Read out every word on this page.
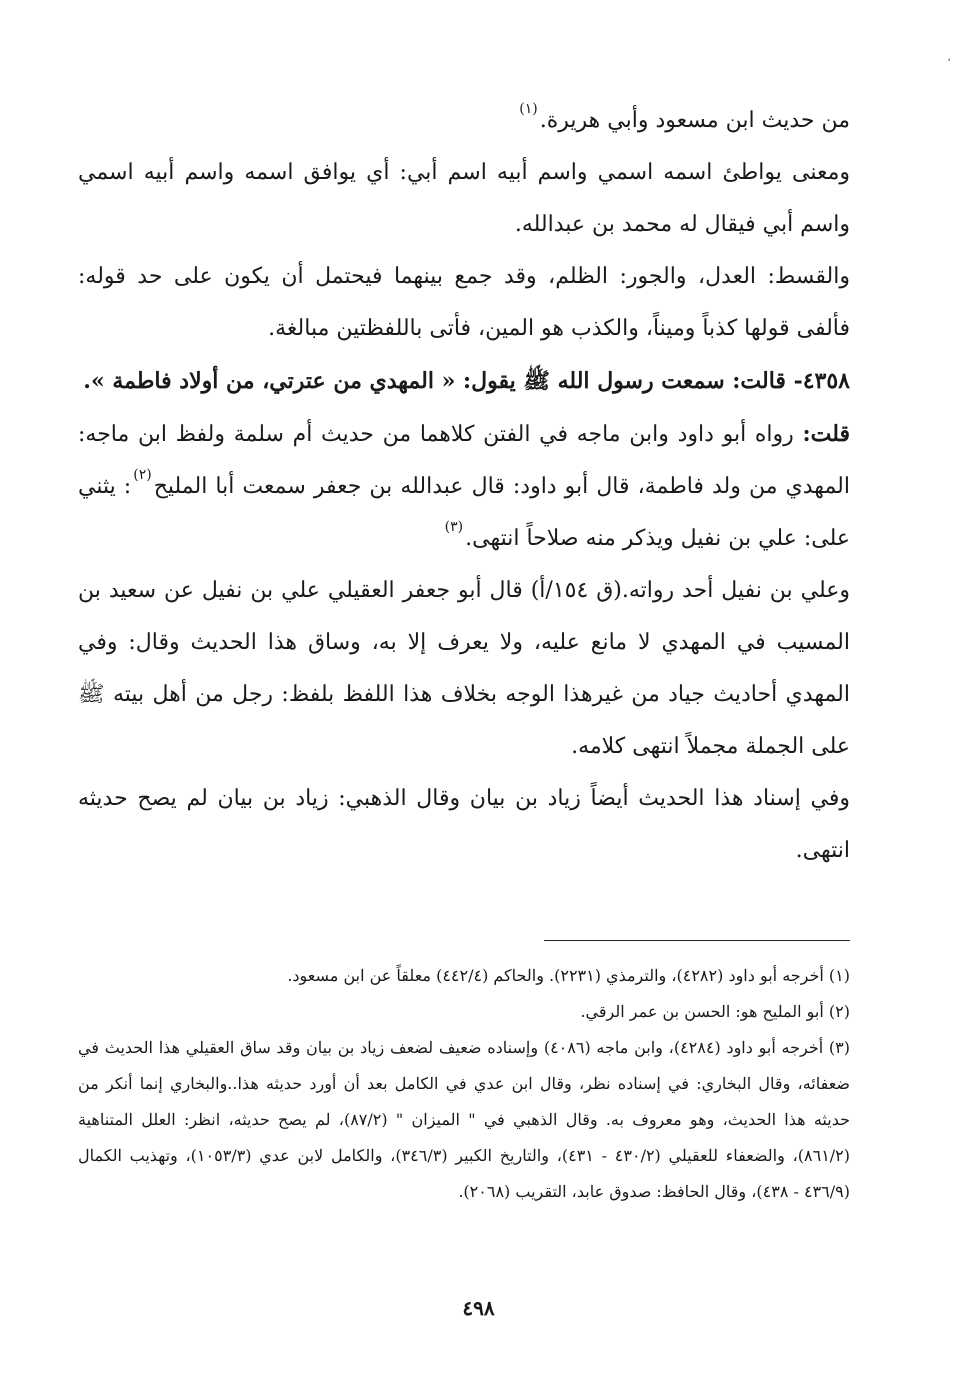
من حديث ابن مسعود وأبي هريرة.$^{(١)}$

ومعنى يواطئ اسمه اسمي واسم أبيه اسم أبي: أي يوافق اسمه واسم أبيه اسمي واسم أبي فيقال له محمد بن عبدالله.

والقسط: العدل، والجور: الظلم، وقد جمع بينهما فيحتمل أن يكون على حد قوله: فألفى قولها كذباً وميناً، والكذب هو المين، فأتى باللفظتين مبالغة.

٤٣٥٨- قالت: سمعت رسول الله ﷺ يقول: « المهدي من عترتي، من أولاد فاطمة ».

قلت: رواه أبو داود وابن ماجه في الفتن كلاهما من حديث أم سلمة ولفظ ابن ماجه: المهدي من ولد فاطمة، قال أبو داود: قال عبدالله بن جعفر سمعت أبا المليح$^{(٢)}$: يثني على: علي بن نفيل ويذكر منه صلاحاً انتهى.$^{(٣)}$

وعلي بن نفيل أحد رواته.(ق ١٥٤/أ) قال أبو جعفر العقيلي علي بن نفيل عن سعيد بن المسيب في المهدي لا مانع عليه، ولا يعرف إلا به، وساق هذا الحديث وقال: وفي المهدي أحاديث جياد من غيرهذا الوجه بخلاف هذا اللفظ بلفظ: رجل من أهل بيته ﷺ على الجملة مجملاً انتهى كلامه.

وفي إسناد هذا الحديث أيضاً زياد بن بيان وقال الذهبي: زياد بن بيان لم يصح حديثه انتهى.

(١) أخرجه أبو داود (٤٢٨٢)، والترمذي (٢٢٣١). والحاكم (٤٤٢/٤) معلقاً عن ابن مسعود.

(٢) أبو المليح هو: الحسن بن عمر الرقي.

(٣) أخرجه أبو داود (٤٢٨٤)، وابن ماجه (٤٠٨٦) وإسناده ضعيف لضعف زياد بن بيان وقد ساق العقيلي هذا الحديث في ضعفائه، وقال البخاري: في إسناده نظر، وقال ابن عدي في الكامل بعد أن أورد حديثه هذا..والبخاري إنما أنكر من حديثه هذا الحديث، وهو معروف به. وقال الذهبي في " الميزان " (٨٧/٢)، لم يصح حديثه، انظر: العلل المتناهية (٨٦١/٢)، والضعفاء للعقيلي (٤٣٠/٢ - ٤٣١)، والتاريخ الكبير (٣٤٦/٣)، والكامل لابن عدي (١٠٥٣/٣)، وتهذيب الكمال (٤٣٦/٩ - ٤٣٨)، وقال الحافظ: صدوق عابد، التقريب (٢٠٦٨).

٤٩٨
،
